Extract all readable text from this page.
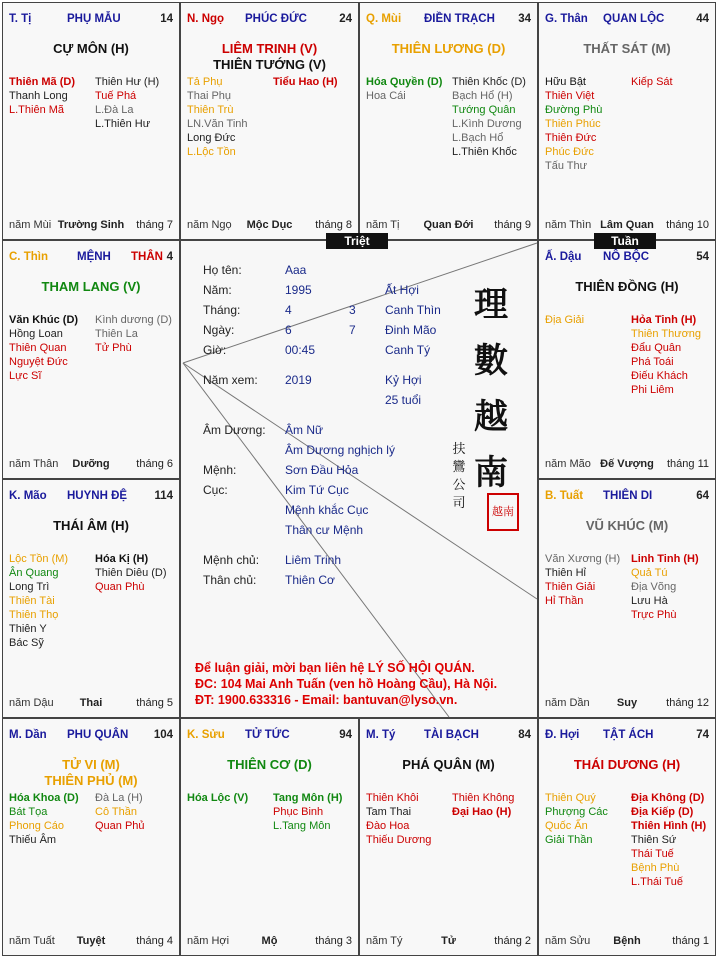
T. Tị	PHỤ MẪU	14
CỰ MÔN (H)
Thiên Mã (D)
Thanh Long
L.Thiên Mã
Thiên Hư (H)
Tuế Phá
L.Đà La
L.Thiên Hư
năm Mùi Trường Sinh tháng 7
N. Ngọ PHÚC ĐỨC	24
LIÊM TRINH (V)
THIÊN TƯỚNG (V)
Tả Phụ
Thai Phụ
Thiên Trù
LN.Văn Tinh
Long Đức
L.Lộc Tồn
Tiểu Hao (H)
năm Ngọ Mộc Dục tháng 8
Q. Mùi ĐIỀN TRẠCH 34
THIÊN LƯƠNG (D)
Hóa Quyền (D)
Hoa Cái
Thiên Khốc (D)
Bạch Hổ (H)
Tướng Quân
L.Kình Dương
L.Bạch Hổ
L.Thiên Khốc
năm Tị Quan Đới tháng 9
G. Thân QUAN LỘC	44
THẤT SÁT (M)
Hữu Bật
Thiên Việt
Đường Phù
Thiên Phúc
Thiên Đức
Phúc Đức
Tấu Thư
Kiếp Sát
năm Thìn Lâm Quan tháng 10
C. Thìn	MỆNH THÂN 4
THAM LANG (V)
Văn Khúc (D)
Hồng Loan
Thiên Quan
Nguyệt Đức
Lực Sĩ
Kình dương (D)
Thiên La
Tử Phù
năm Thân Dưỡng tháng 6
Ấ. Dậu NÔ BỘC	54
THIÊN ĐỒNG (H)
Địa Giải	Hỏa Tinh (H)
Thiên Thương
Đẩu Quân
Phá Toái
Điếu Khách
Phi Liêm
năm Mão Đế Vượng tháng 11
K. Mão HUYNH ĐỆ 114
THÁI ÂM (H)
Lộc Tồn (M)
Ân Quang
Long Trì
Thiên Tài
Thiên Thọ
Thiên Y
Bác Sỹ
Hóa Kị (H)
Thiên Diêu (D)
Quan Phù
năm Dậu Thai	tháng 5
B. Tuất THIÊN DI	64
VŨ KHÚC (M)
Văn Xương (H)
Thiên Hỉ
Thiên Giải
Hỉ Thần
Linh Tinh (H)
Quả Tú
Địa Võng
Lưu Hà
Trực Phù
năm Dần Suy	tháng 12
M. Dần PHU QUÂN 104
TỬ VI (M)
THIÊN PHỦ (M)
Hóa Khoa (D)
Bát Tọa
Phong Cáo
Thiếu Âm
Đà La (H)
Cô Thần
Quan Phủ
năm Tuất Tuyệt	tháng 4
K. Sửu TỬ TỨC	94
THIÊN CƠ (D)
Hóa Lộc (V) Tang Môn (H)
Phục Binh
L.Tang Môn
năm Hợi	Mộ	tháng 3
M. Tý TÀI BẠCH	84
PHÁ QUÂN (M)
Thiên Khôi
Tam Thai
Đào Hoa
Thiếu Dương
Thiên Không
Đại Hao (H)
năm Tý	Tử	tháng 2
Đ. Hợi TẬT ÁCH	74
THÁI DƯƠNG (H)
Thiên Quý
Phượng Các
Quốc Ấn
Giải Thần
Địa Không (D)
Địa Kiếp (D)
Thiên Hình (H)
Thiên Sứ
Thái Tuế
Bệnh Phù
L.Thái Tuế
năm Sửu Bệnh	tháng 1
Họ tên:	Aaa
Năm:	1995	Ất Hợi
Tháng:	4	3 Canh Thìn
Ngày:	6	7 Đinh Mão
Giờ:	00:45	Canh Tý
Năm xem: 2019	Kỷ Hợi
25 tuổi
Âm Dương: Âm Nữ
Âm Dương nghịch lý
Mệnh:	Sơn Đầu Hỏa
Cục:	Kim Tứ Cục
Mệnh khắc Cục
Thân cư Mệnh
Mệnh chủ: Liêm Trinh
Thân chủ: Thiên Cơ
理數越南
扶鸞公司
越南
Để luận giải, mời bạn liên hệ LÝ SỐ HỘI QUÁN.
ĐC: 104 Mai Anh Tuấn (ven hồ Hoàng Cầu), Hà Nội.
ĐT: 1900.633316 - Email: bantuvan@lyso.vn.
Triệt	Tuần
